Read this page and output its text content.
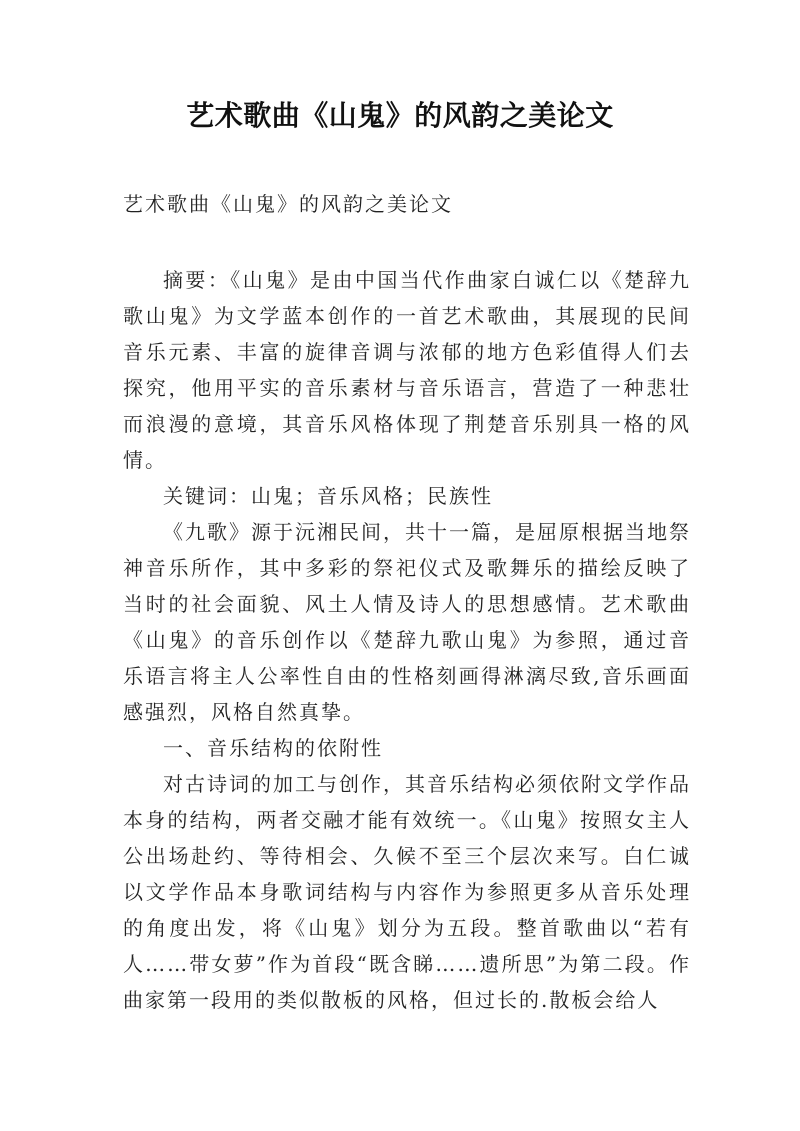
艺术歌曲《山鬼》的风韵之美论文
艺术歌曲《山鬼》的风韵之美论文

摘要：《山鬼》是由中国当代作曲家白诚仁以《楚辞九歌山鬼》为文学蓝本创作的一首艺术歌曲，其展现的民间音乐元素、丰富的旋律音调与浓郁的地方色彩值得人们去探究，他用平实的音乐素材与音乐语言，营造了一种悲壮而浪漫的意境，其音乐风格体现了荆楚音乐别具一格的风情。

关键词：山鬼；音乐风格；民族性

《九歌》源于沅湘民间，共十一篇，是屈原根据当地祭神音乐所作，其中多彩的祭祀仪式及歌舞乐的描绘反映了当时的社会面貌、风土人情及诗人的思想感情。艺术歌曲《山鬼》的音乐创作以《楚辞九歌山鬼》为参照，通过音乐语言将主人公率性自由的性格刻画得淋漓尽致,音乐画面感强烈，风格自然真挚。

一、音乐结构的依附性

对古诗词的加工与创作，其音乐结构必须依附文学作品本身的结构，两者交融才能有效统一。《山鬼》按照女主人公出场赴约、等待相会、久候不至三个层次来写。白仁诚以文学作品本身歌词结构与内容作为参照更多从音乐处理的角度出发，将《山鬼》划分为五段。整首歌曲以“若有人……带女萝”作为首段“既含睇……遗所思”为第二段。作曲家第一段用的类似散板的风格，但过长的.散板会给人
